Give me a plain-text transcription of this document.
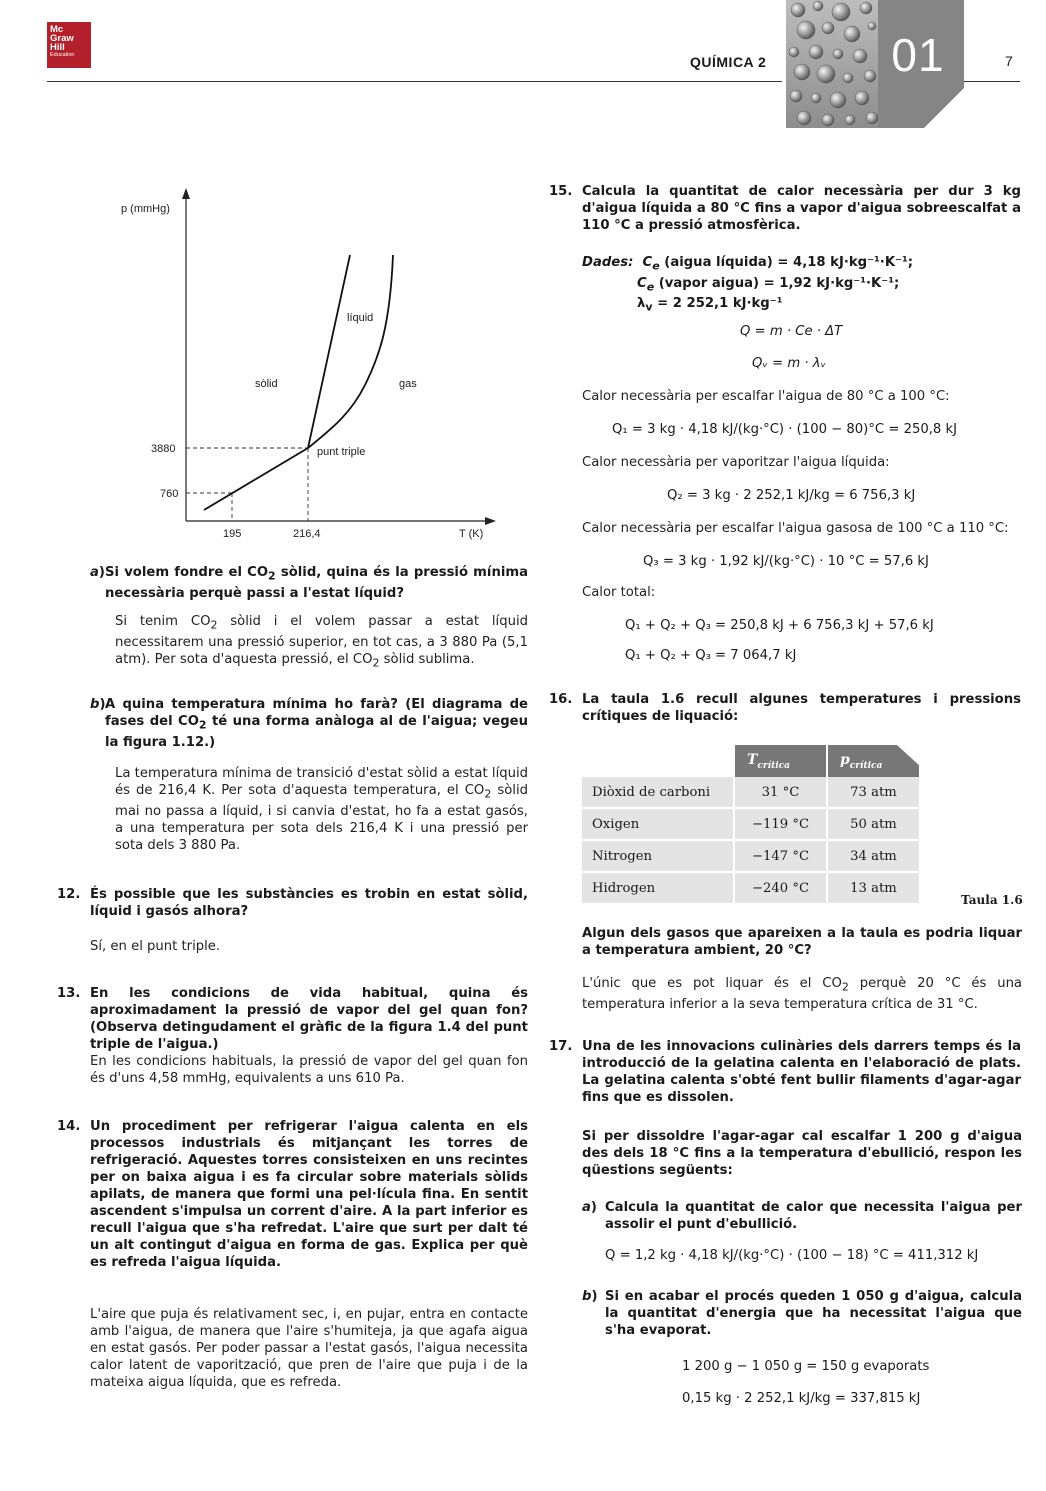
Mc
Graw
Hill
Education	QUÍMICA 2	01	7
p (mmHg)
T (K)
3880
760
195	216,4
sòlid
líquid
gas
punt triple
a) Si volem fondre el $CO_2$ sòlid, quina és la pressió mínima necessària perquè passi a l'estat líquid?
Si tenim $CO_2$ sòlid i el volem passar a estat líquid necessitarem una pressió superior, en tot cas, a 3 880 Pa (5,1 atm). Per sota d'aquesta pressió, el $CO_2$ sòlid sublima.
b) A quina temperatura mínima ho farà? (El diagrama de fases del $CO_2$ té una forma anàloga al de l'aigua; vegeu la figura 1.12.)
La temperatura mínima de transició d'estat sòlid a estat líquid és de 216,4 K. Per sota d'aquesta temperatura, el $CO_2$ sòlid mai no passa a líquid, i si canvia d'estat, ho fa a estat gasós, a una temperatura per sota dels 216,4 K i una pressió per sota dels 3 880 Pa.
12. És possible que les substàncies es trobin en estat sòlid, líquid i gasós alhora?
Sí, en el punt triple.
13. En les condicions de vida habitual, quina és aproximadament la pressió de vapor del gel quan fon? (Observa detingudament el gràfic de la figura 1.4 del punt triple de l'aigua.)
En les condicions habituals, la pressió de vapor del gel quan fon és d'uns 4,58 mmHg, equivalents a uns 610 Pa.
14. Un procediment per refrigerar l'aigua calenta en els processos industrials és mitjançant les torres de refrigeració. Aquestes torres consisteixen en uns recintes per on baixa aigua i es fa circular sobre materials sòlids apilats, de manera que formi una pel·lícula fina. En sentit ascendent s'impulsa un corrent d'aire. A la part inferior es recull l'aigua que s'ha refredat. L'aire que surt per dalt té un alt contingut d'aigua en forma de gas. Explica per què es refreda l'aigua líquida.
L'aire que puja és relativament sec, i, en pujar, entra en contacte amb l'aigua, de manera que l'aire s'humiteja, ja que agafa aigua en estat gasós. Per poder passar a l'estat gasós, l'aigua necessita calor latent de vaporització, que pren de l'aire que puja i de la mateixa aigua líquida, que es refreda.
15. Calcula la quantitat de calor necessària per dur 3 kg d'aigua líquida a 80 °C fins a vapor d'aigua sobreescalfat a 110 °C a pressió atmosfèrica.
Dades: $C_e$ (aigua líquida) = 4,18 kJ·kg⁻¹·K⁻¹;
$C_e$ (vapor aigua) = 1,92 kJ·kg⁻¹·K⁻¹;
$\lambda_v = 2$ 252,1 kJ·kg⁻¹
Q = m · Ce · ΔT
Qᵥ = m · λᵥ
Calor necessària per escalfar l'aigua de 80 °C a 100 °C:
Q₁ = 3 kg · 4,18 kJ/(kg·°C) · (100 − 80)°C = 250,8 kJ
Calor necessària per vaporitzar l'aigua líquida:
Q₂ = 3 kg · 2 252,1 kJ/kg = 6 756,3 kJ
Calor necessària per escalfar l'aigua gasosa de 100 °C a 110 °C:
Q₃ = 3 kg · 1,92 kJ/(kg·°C) · 10 °C = 57,6 kJ
Calor total:
Q₁ + Q₂ + Q₃ = 250,8 kJ + 6 756,3 kJ + 57,6 kJ
Q₁ + Q₂ + Q₃ = 7 064,7 kJ
16. La taula 1.6 recull algunes temperatures i pressions crítiques de liquació:
	$T_{crítica}$	$p_{crítica}$

Diòxid de carboni	31 °C	73 atm
Oxigen	−119 °C	50 atm
Nitrogen	−147 °C	34 atm
Hidrogen	−240 °C	13 atm
Taula 1.6
Algun dels gasos que apareixen a la taula es podria liquar a temperatura ambient, 20 °C?
L'únic que es pot liquar és el $CO_2$ perquè 20 °C és una temperatura inferior a la seva temperatura crítica de 31 °C.
17. Una de les innovacions culinàries dels darrers temps és la introducció de la gelatina calenta en l'elaboració de plats. La gelatina calenta s'obté fent bullir filaments d'agar-agar fins que es dissolen.
Si per dissoldre l'agar-agar cal escalfar 1 200 g d'aigua des dels 18 °C fins a la temperatura d'ebullició, respon les qüestions següents:
a) Calcula la quantitat de calor que necessita l'aigua per assolir el punt d'ebullició.
Q = 1,2 kg · 4,18 kJ/(kg·°C) · (100 − 18) °C = 411,312 kJ
b) Si en acabar el procés queden 1 050 g d'aigua, calcula la quantitat d'energia que ha necessitat l'aigua que s'ha evaporat.
1 200 g − 1 050 g = 150 g evaporats
0,15 kg · 2 252,1 kJ/kg = 337,815 kJ
